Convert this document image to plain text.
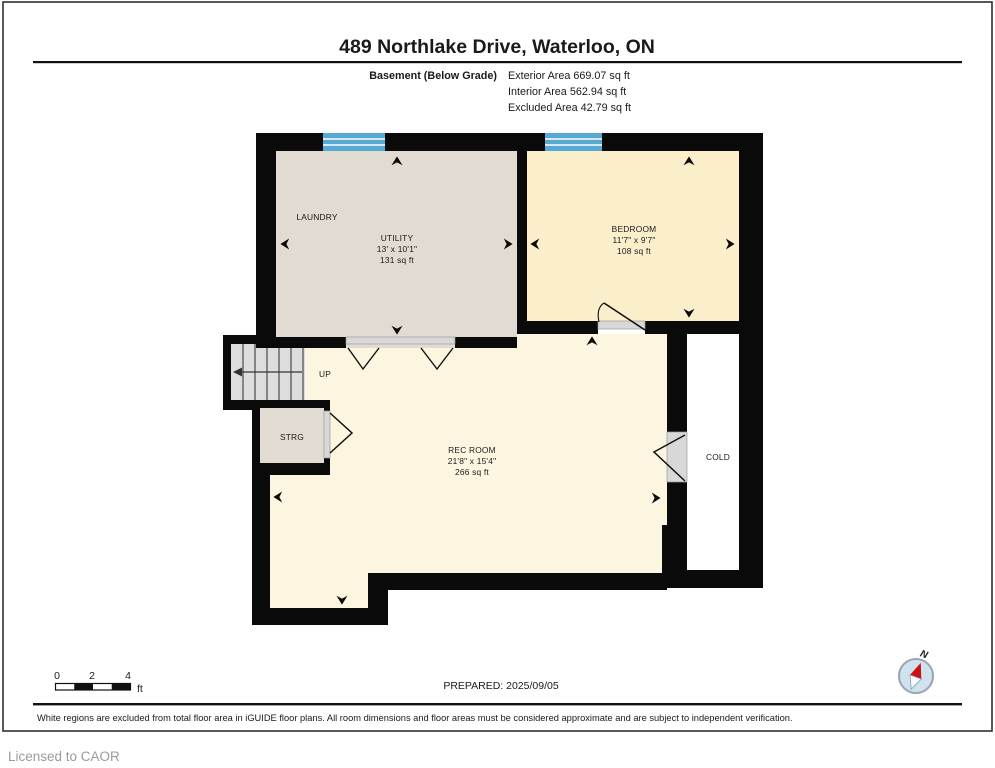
489 Northlake Drive, Waterloo, ON
Basement (Below Grade) Exterior Area 669.07 sq ft
Interior Area 562.94 sq ft
Excluded Area 42.79 sq ft
LAUNDRY
UTILITY
13' x 10'1"
131 sq ft
BEDROOM
11'7" x 9'7"
108 sq ft
REC ROOM
21'8" x 15'4"
266 sq ft
STRG
COLD
UP
0	2	4
ft	PREPARED: 2025/09/05
N
White regions are excluded from total floor area in iGUIDE floor plans. All room dimensions and floor areas must be considered approximate and are subject to independent verification.
Licensed to CAOR
